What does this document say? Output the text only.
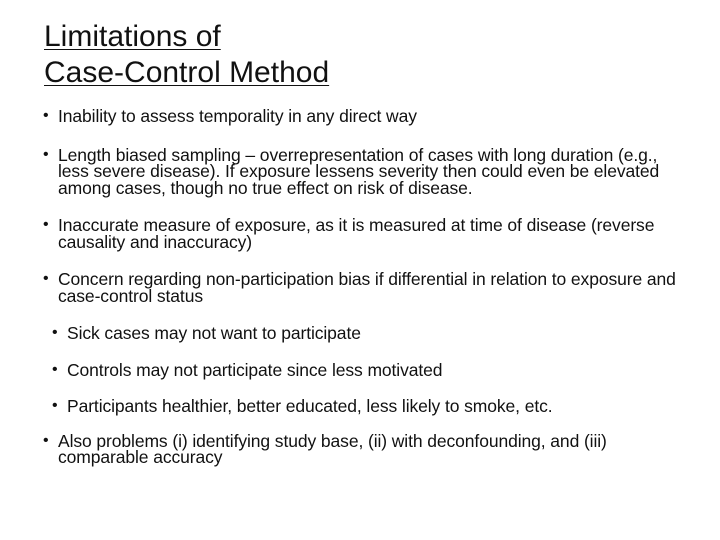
Limitations of
Case-Control Method
• Inability to assess temporality in any direct way
• Length biased sampling – overrepresentation of cases with long duration (e.g., less severe disease). If exposure lessens severity then could even be elevated among cases, though no true effect on risk of disease.
• Inaccurate measure of exposure, as it is measured at time of disease (reverse causality and inaccuracy)
• Concern regarding non-participation bias if differential in relation to exposure and case-control status
• Sick cases may not want to participate
• Controls may not participate since less motivated
• Participants healthier, better educated, less likely to smoke, etc.
• Also problems (i) identifying study base, (ii) with deconfounding, and (iii) comparable accuracy
